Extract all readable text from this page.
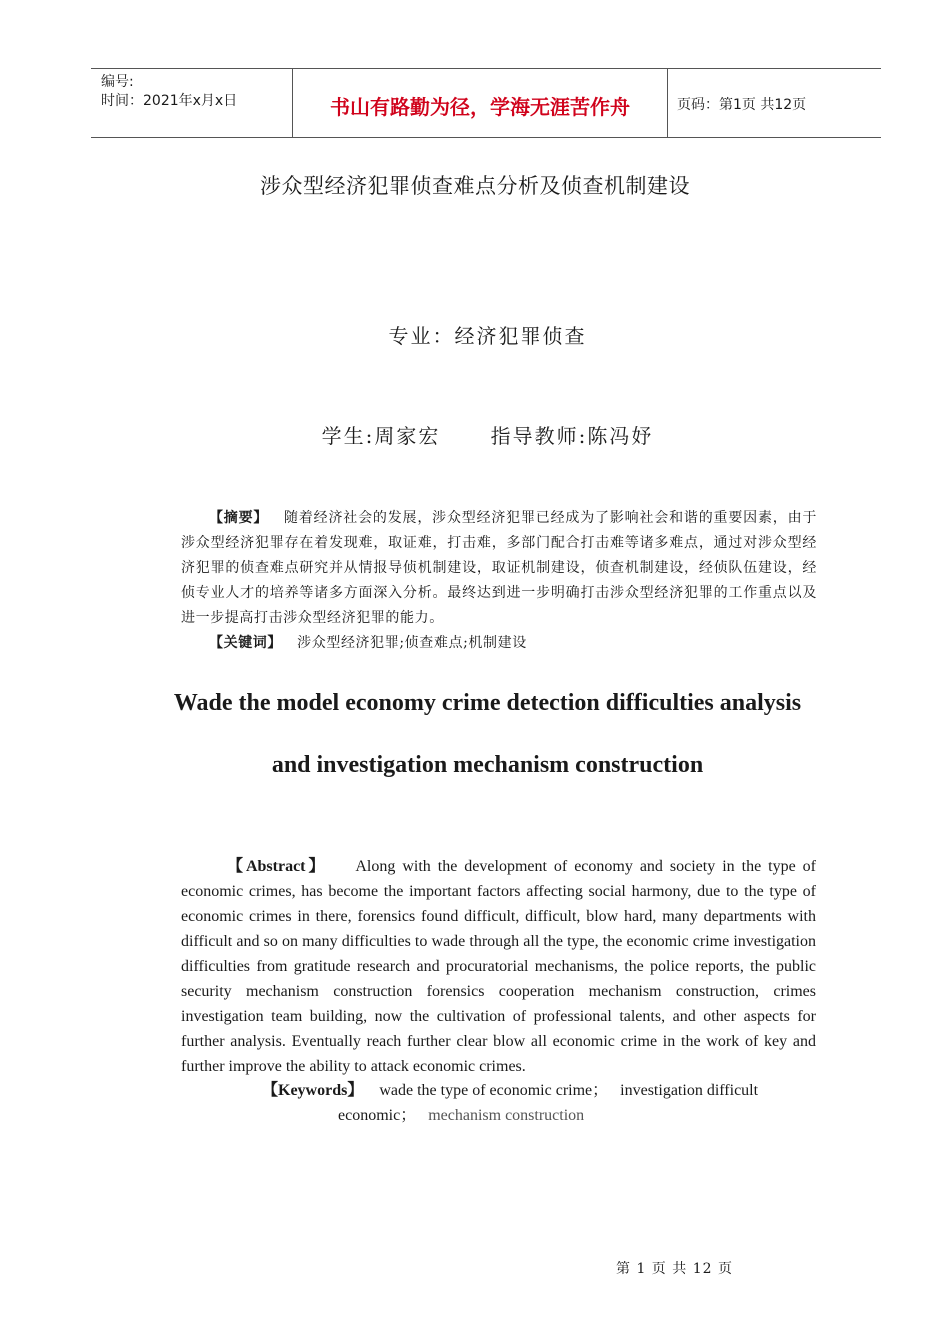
编号:
时间：2021年x月x日	书山有路勤为径，学海无涯苦作舟	页码：第1页 共12页
涉众型经济犯罪侦查难点分析及侦查机制建设
专业：经济犯罪侦查
学生:周家宏	指导教师:陈冯妤
【摘要】 随着经济社会的发展，涉众型经济犯罪已经成为了影响社会和谐的重要因素，由于涉众型经济犯罪存在着发现难，取证难，打击难，多部门配合打击难等诸多难点，通过对涉众型经济犯罪的侦查难点研究并从情报导侦机制建设，取证机制建设，侦查机制建设，经侦队伍建设，经侦专业人才的培养等诸多方面深入分析。最终达到进一步明确打击涉众型经济犯罪的工作重点以及进一步提高打击涉众型经济犯罪的能力。
【关键词】 涉众型经济犯罪;侦查难点;机制建设
Wade the model economy crime detection difficulties analysis
and investigation mechanism construction
【Abstract】 Along with the development of economy and society in the type of economic crimes, has become the important factors affecting social harmony, due to the type of economic crimes in there, forensics found difficult, difficult, blow hard, many departments with difficult and so on many difficulties to wade through all the type, the economic crime investigation difficulties from gratitude research and procuratorial mechanisms, the police reports, the public security mechanism construction forensics cooperation mechanism construction, crimes investigation team building, now the cultivation of professional talents, and other aspects for further analysis. Eventually reach further clear blow all economic crime in the work of key and further improve the ability to attack economic crimes.
【Keywords】 wade the type of economic crime； investigation difficult
economic； mechanism construction
第 1 页 共 12 页
